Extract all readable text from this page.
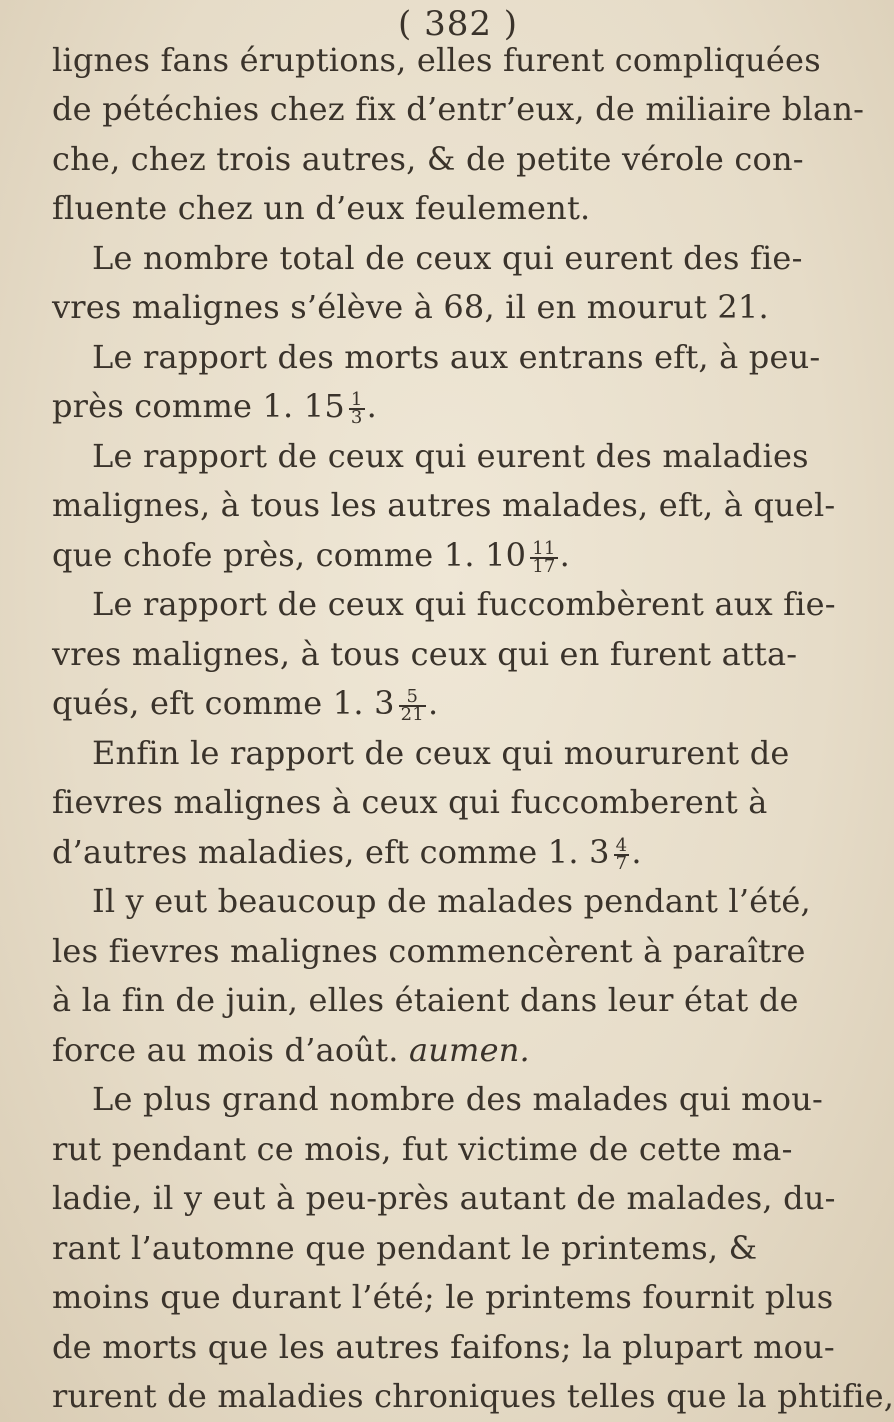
( 382 )
lignes fans éruptions, elles furent compliquées
de pétéchies chez fix d’entr’eux, de miliaire blan-
che, chez trois autres, & de petite vérole con-
fluente chez un d’eux feulement.
Le nombre total de ceux qui eurent des fie-
vres malignes s’élève à 68, il en mourut 21.
Le rapport des morts aux entrans eft, à peu-
près comme 1. $15 \frac{1}{3}$ .
Le rapport de ceux qui eurent des maladies
malignes, à tous les autres malades, eft, à quel-
que chofe près, comme 1. $10 \frac{11}{17}$ .
Le rapport de ceux qui fuccombèrent aux fie-
vres malignes, à tous ceux qui en furent atta-
qués, eft comme 1. $3 \frac{5}{21}$ .
Enfin le rapport de ceux qui moururent de
fievres malignes à ceux qui fuccomberent à
d’autres maladies, eft comme 1. $3 \frac{4}{7}$ .
Il y eut beaucoup de malades pendant l’été,
les fievres malignes commencèrent à paraître
à la fin de juin, elles étaient dans leur état de
force au mois d’août. aumen.
Le plus grand nombre des malades qui mou-
rut pendant ce mois, fut victime de cette ma-
ladie, il y eut à peu-près autant de malades, du-
rant l’automne que pendant le printems, &
moins que durant l’été; le printems fournit plus
de morts que les autres faifons; la plupart mou-
rurent de maladies chroniques telles que la phtifie,
